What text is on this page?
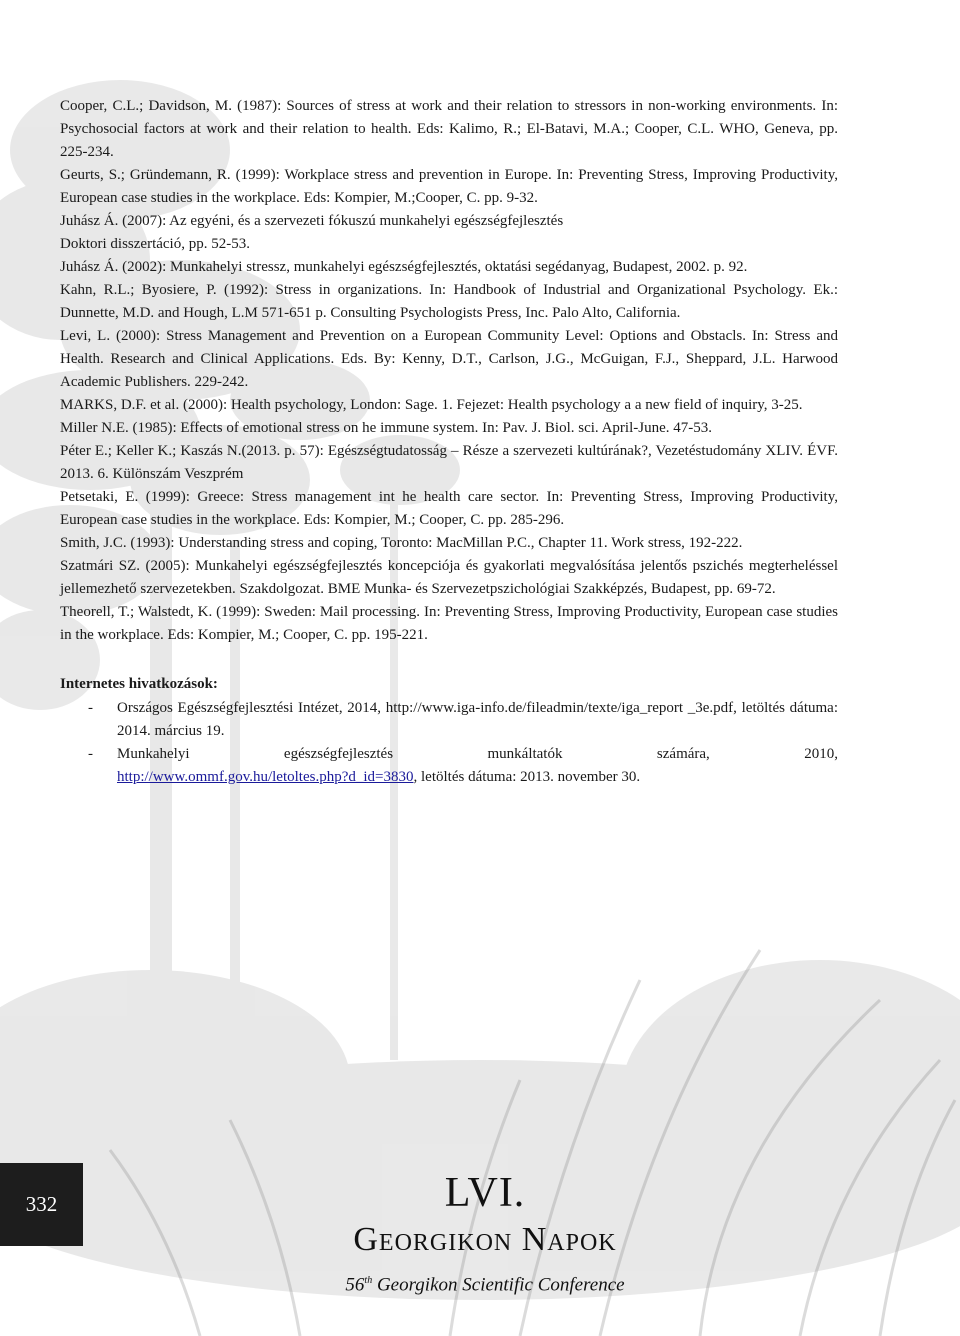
Cooper, C.L.; Davidson, M. (1987): Sources of stress at work and their relation to stressors in non-working environments. In: Psychosocial factors at work and their relation to health. Eds: Kalimo, R.; El-Batavi, M.A.; Cooper, C.L. WHO, Geneva, pp. 225-234.

Geurts, S.; Gründemann, R. (1999): Workplace stress and prevention in Europe. In: Preventing Stress, Improving Productivity, European case studies in the workplace. Eds: Kompier, M.;Cooper, C. pp. 9-32.

Juhász Á. (2007): Az egyéni, és a szervezeti fókuszú munkahelyi egészségfejlesztés

Doktori disszertáció, pp. 52-53.

Juhász Á. (2002): Munkahelyi stressz, munkahelyi egészségfejlesztés, oktatási segédanyag, Budapest, 2002. p. 92.

Kahn, R.L.; Byosiere, P. (1992): Stress in organizations. In: Handbook of Industrial and Organizational Psychology. Ek.: Dunnette, M.D. and Hough, L.M 571-651 p. Consulting Psychologists Press, Inc. Palo Alto, California.

Levi, L. (2000): Stress Management and Prevention on a European Community Level: Options and Obstacls. In: Stress and Health. Research and Clinical Applications. Eds. By: Kenny, D.T., Carlson, J.G., McGuigan, F.J., Sheppard, J.L. Harwood Academic Publishers. 229-242.

MARKS, D.F. et al. (2000): Health psychology, London: Sage. 1. Fejezet: Health psychology a a new field of inquiry, 3-25.

Miller N.E. (1985): Effects of emotional stress on he immune system. In: Pav. J. Biol. sci. April-June. 47-53.

Péter E.; Keller K.; Kaszás N.(2013. p. 57): Egészségtudatosság – Része a szervezeti kultúrának?, Vezetéstudomány XLIV. ÉVF. 2013. 6. Különszám Veszprém

Petsetaki, E. (1999): Greece: Stress management int he health care sector. In: Preventing Stress, Improving Productivity, European case studies in the workplace. Eds: Kompier, M.; Cooper, C. pp. 285-296.

Smith, J.C. (1993): Understanding stress and coping, Toronto: MacMillan P.C., Chapter 11. Work stress, 192-222.

Szatmári SZ. (2005): Munkahelyi egészségfejlesztés koncepciója és gyakorlati megvalósítása jelentős pszichés megterheléssel jellemezhető szervezetekben. Szakdolgozat. BME Munka- és Szervezetpszichológiai Szakképzés, Budapest, pp. 69-72.

Theorell, T.; Walstedt, K. (1999): Sweden: Mail processing. In: Preventing Stress, Improving Productivity, European case studies in the workplace. Eds: Kompier, M.; Cooper, C. pp. 195-221.

Internetes hivatkozások:
- Országos Egészségfejlesztési Intézet, 2014, http://www.iga-info.de/fileadmin/texte/iga_report _3e.pdf, letöltés dátuma: 2014. március 19.
- Munkahelyi egészségfejlesztés munkáltatók számára, 2010,
http://www.ommf.gov.hu/letoltes.php?d_id=3830, letöltés dátuma: 2013. november 30.
332	LVI.
Georgikon Napok
56th Georgikon Scientific Conference
